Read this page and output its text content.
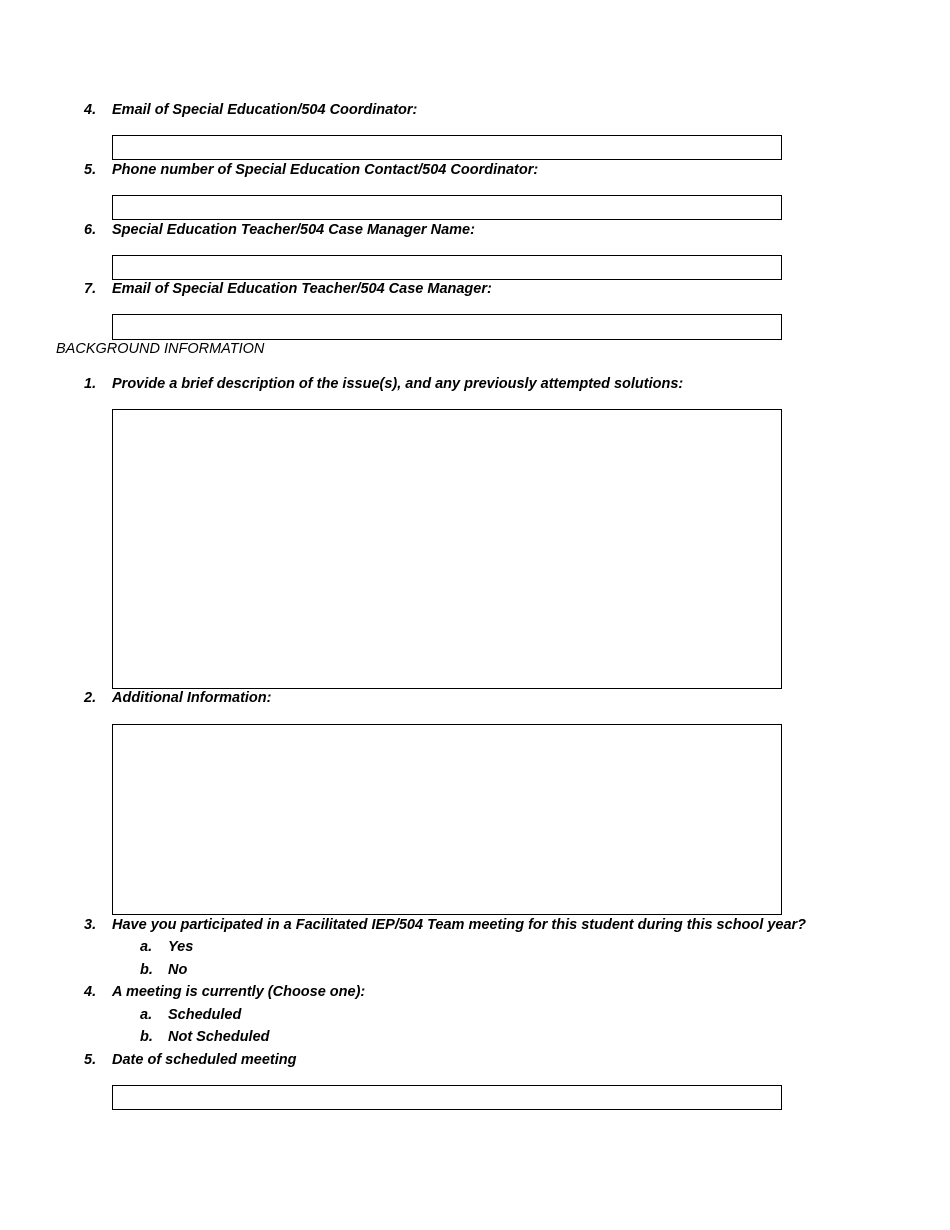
4. Email of Special Education/504 Coordinator:
5. Phone number of Special Education Contact/504 Coordinator:
6. Special Education Teacher/504 Case Manager Name:
7. Email of Special Education Teacher/504 Case Manager:
BACKGROUND INFORMATION
1. Provide a brief description of the issue(s), and any previously attempted solutions:
2. Additional Information:
3. Have you participated in a Facilitated IEP/504 Team meeting for this student during this school year?
a. Yes
b. No
4. A meeting is currently (Choose one):
a. Scheduled
b. Not Scheduled
5. Date of scheduled meeting
